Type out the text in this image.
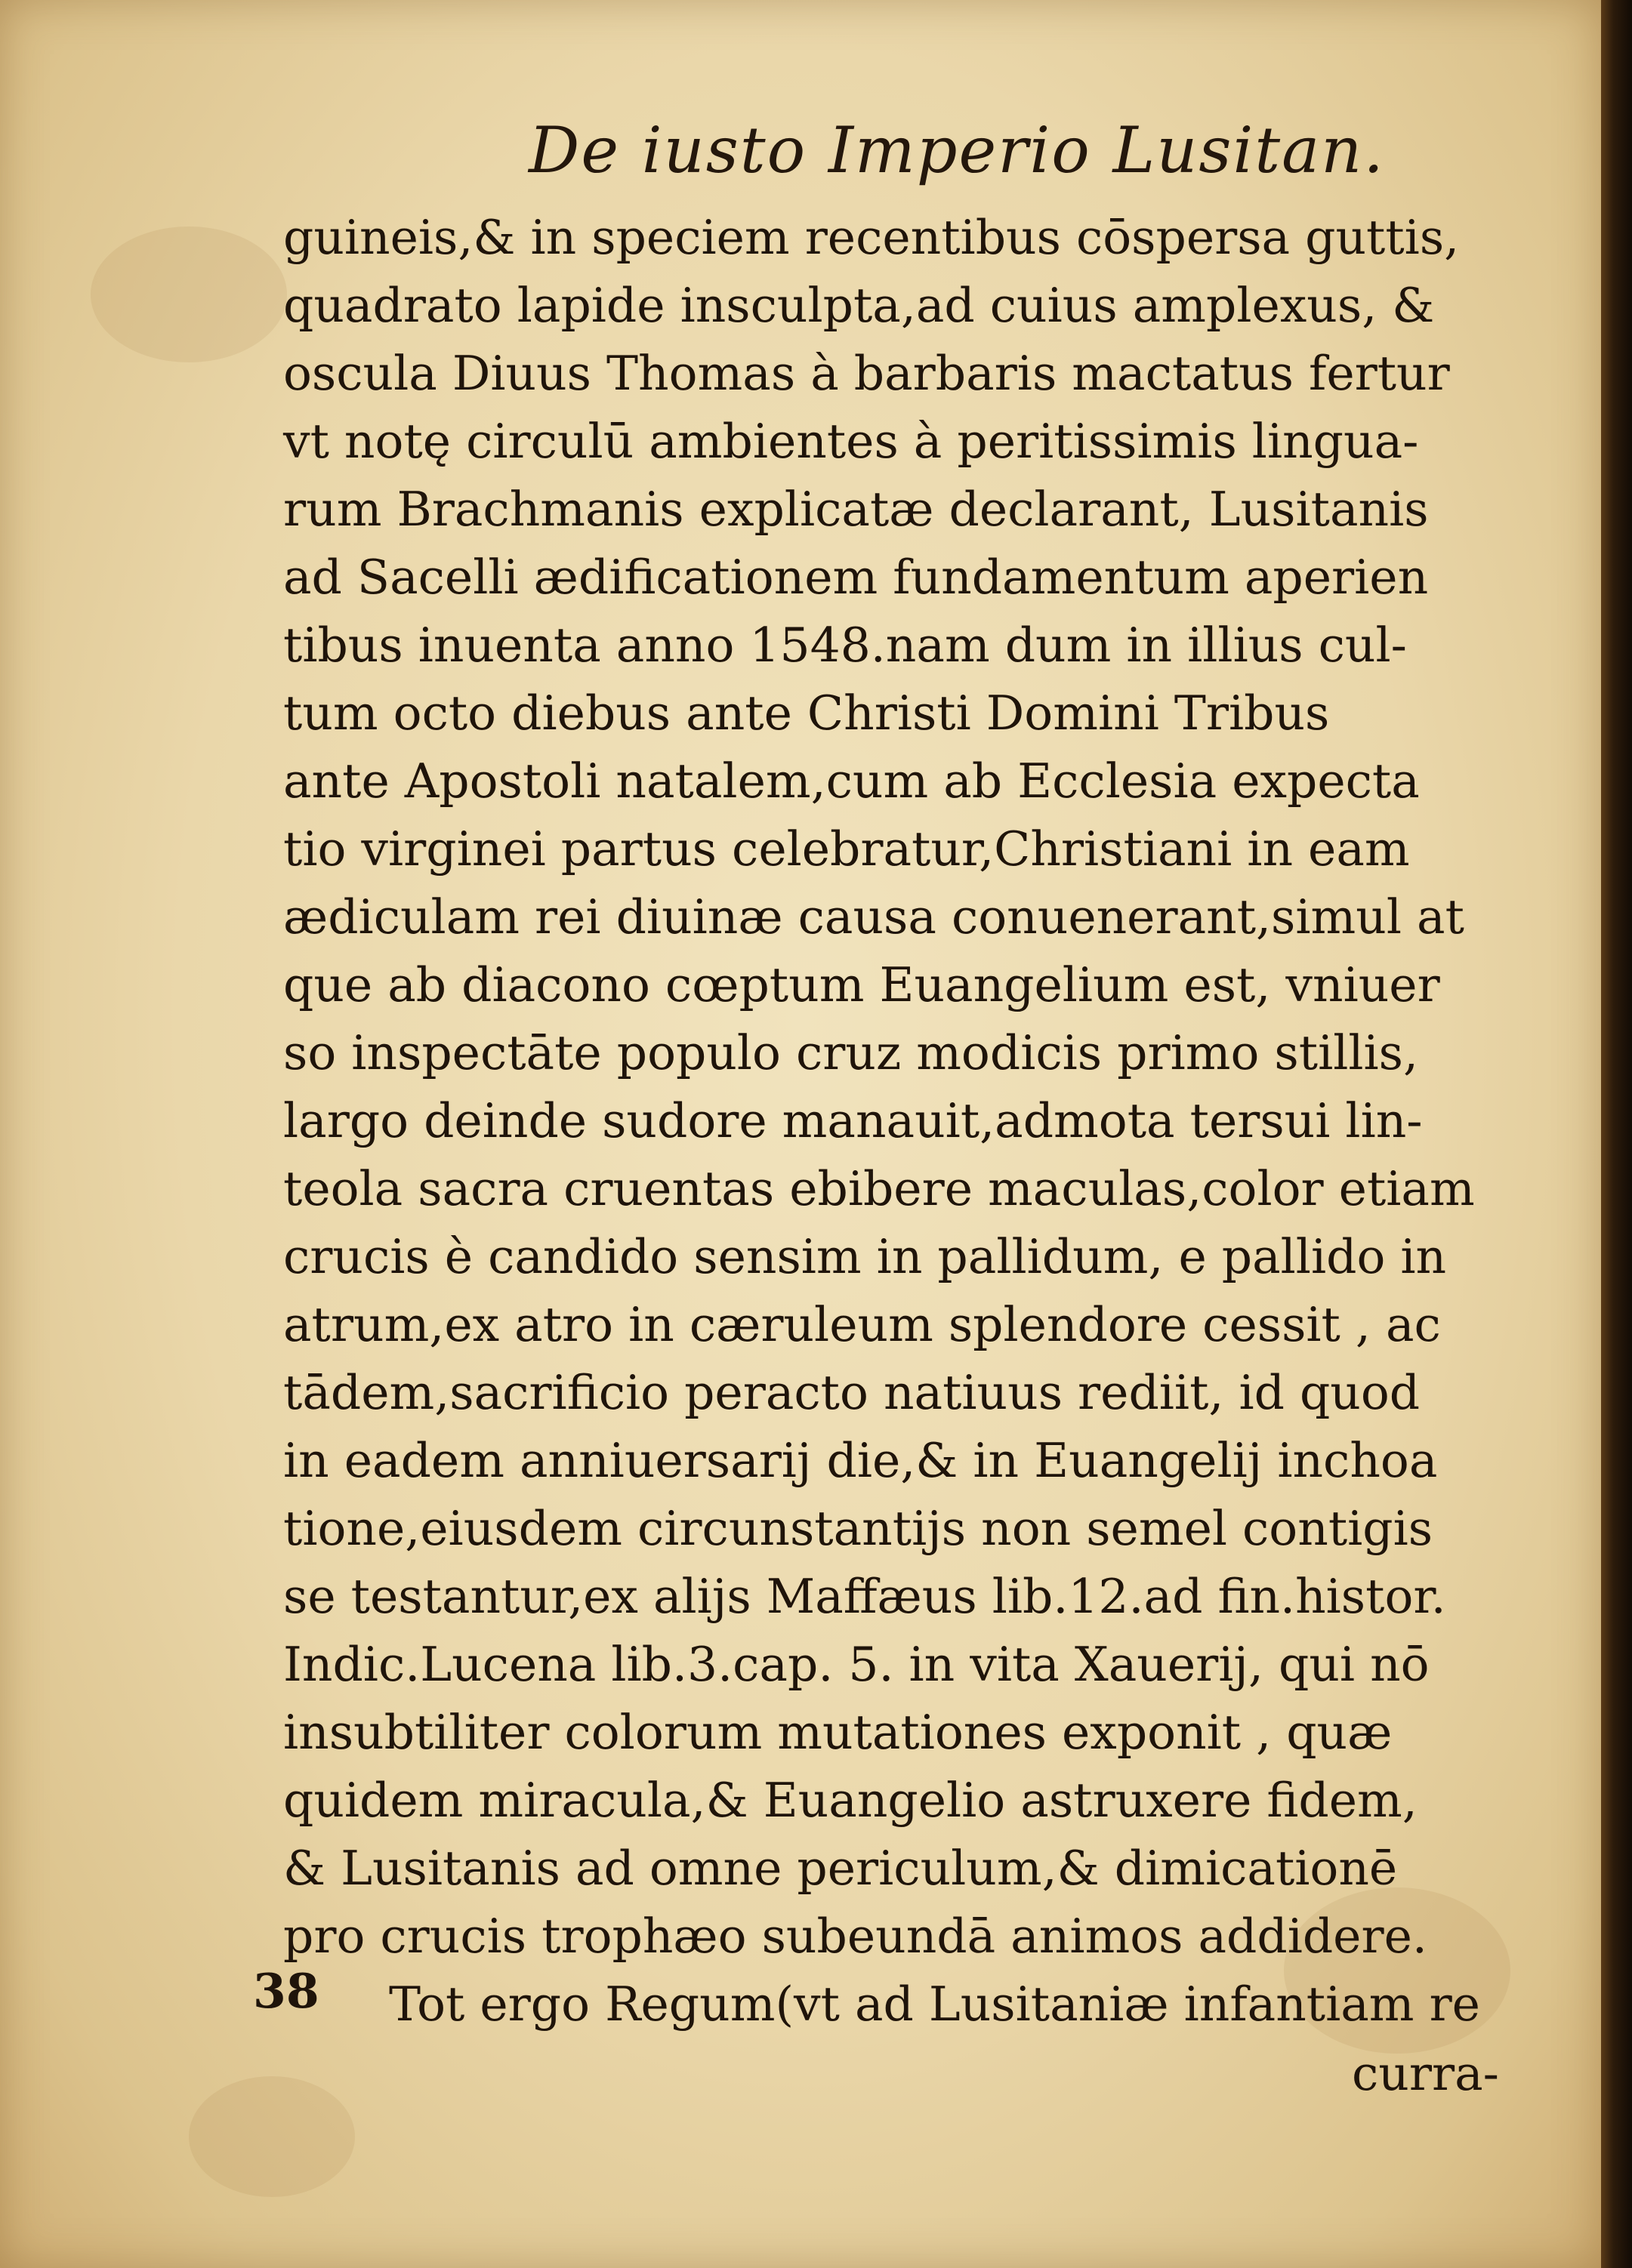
De iusto Imperio Lusitan.
guineis,& in speciem recentibus cōspersa guttis,
quadrato lapide insculpta,ad cuius amplexus, &
oscula Diuus Thomas à barbaris mactatus fertur
vt notę circulū ambientes à peritissimis lingua-
rum Brachmanis explicatæ declarant, Lusitanis
ad Sacelli ædificationem fundamentum aperien
tibus inuenta anno 1548.nam dum in illius cul-
tum octo diebus ante Christi Domini Tribus
ante Apostoli natalem,cum ab Ecclesia expecta
tio virginei partus celebratur,Christiani in eam
ædiculam rei diuinæ causa conuenerant,simul at
que ab diacono cœptum Euangelium est, vniuer
so inspectāte populo cruz modicis primo stillis,
largo deinde sudore manauit,admota tersui lin-
teola sacra cruentas ebibere maculas,color etiam
crucis è candido sensim in pallidum, e pallido in
atrum,ex atro in cæruleum splendore cessit , ac
tādem,sacrificio peracto natiuus rediit, id quod
in eadem anniuersarij die,& in Euangelij inchoa
tione,eiusdem circunstantijs non semel contigis
se testantur,ex alijs Maffæus lib.12.ad fin.histor.
Indic.Lucena lib.3.cap. 5. in vita Xauerij, qui nō
insubtiliter colorum mutationes exponit , quæ
quidem miracula,& Euangelio astruxere fidem,
& Lusitanis ad omne periculum,& dimicationē
pro crucis trophæo subeundā animos addidere.
Tot ergo Regum(vt ad Lusitaniæ infantiam re
38
curra-
